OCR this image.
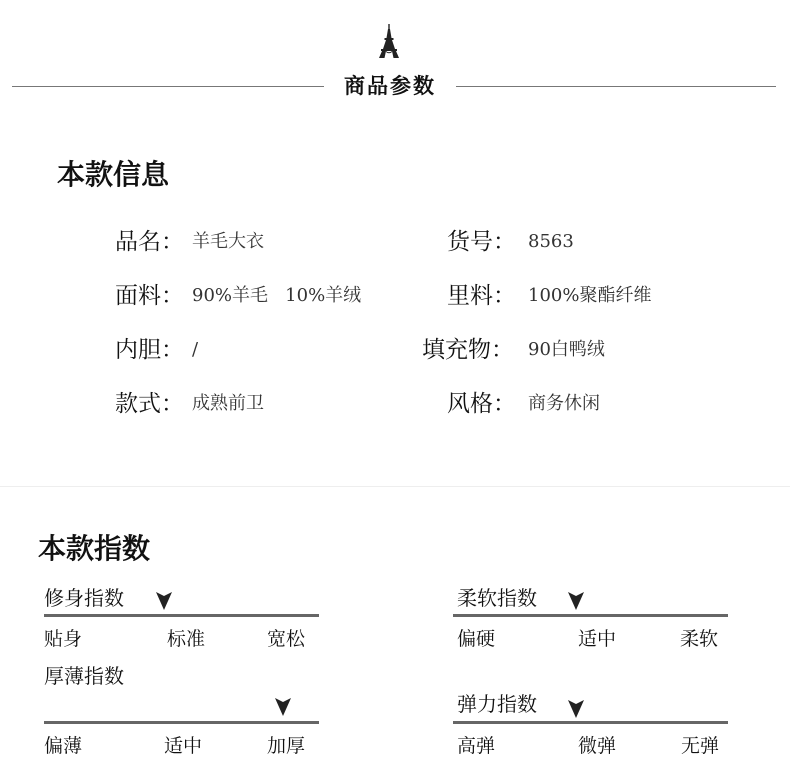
商品参数
本款信息
品名： 羊毛大衣	货号： 8563
面料： 90%羊毛   10%羊绒	里料： 100%聚酯纤维
内胆： /	填充物： 90白鸭绒
款式： 成熟前卫	风格： 商务休闲
本款指数
修身指数
贴身	标准	宽松
柔软指数
偏硬	适中	柔软
厚薄指数
偏薄	适中	加厚
弹力指数
高弹	微弹	无弹
